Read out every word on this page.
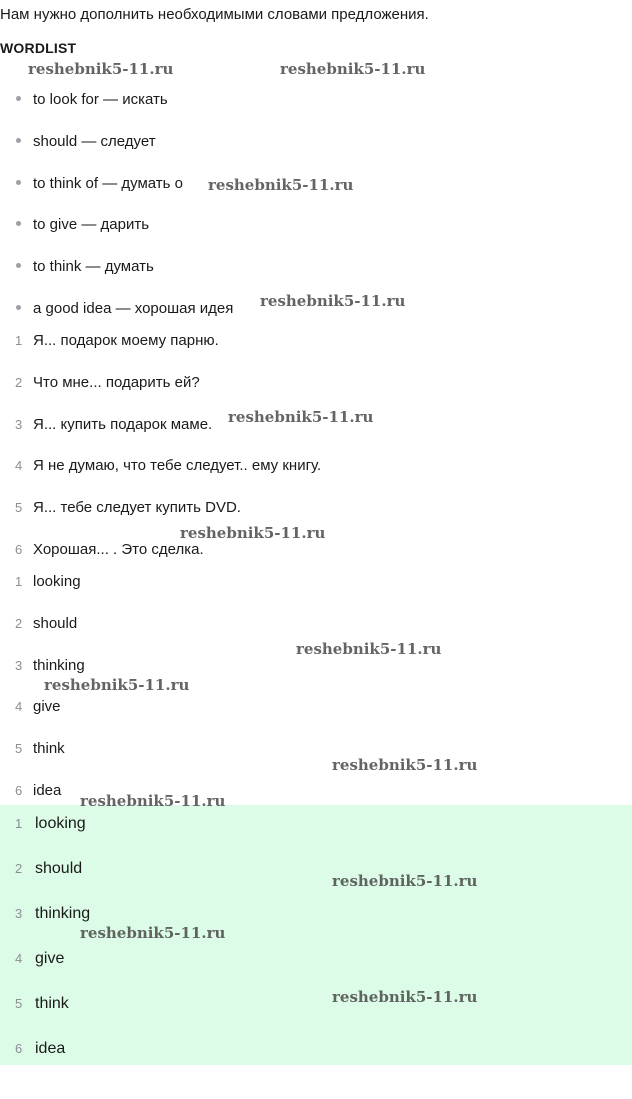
Нам нужно дополнить необходимыми словами предложения.
WORDLIST
to look for — искать
should — следует
to think of — думать о
to give — дарить
to think — думать
a good idea — хорошая идея
1 Я... подарок моему парню.
2 Что мне... подарить ей?
3 Я... купить подарок маме.
4 Я не думаю, что тебе следует.. ему книгу.
5 Я... тебе следует купить DVD.
6 Хорошая... . Это сделка.
1 looking
2 should
3 thinking
4 give
5 think
6 idea
1 looking
2 should
3 thinking
4 give
5 think
6 idea
reshebnik5-11.ru	reshebnik5-11.ru
reshebnik5-11.ru
reshebnik5-11.ru
reshebnik5-11.ru
reshebnik5-11.ru
reshebnik5-11.ru
reshebnik5-11.ru
reshebnik5-11.ru
reshebnik5-11.ru
reshebnik5-11.ru
reshebnik5-11.ru
reshebnik5-11.ru
